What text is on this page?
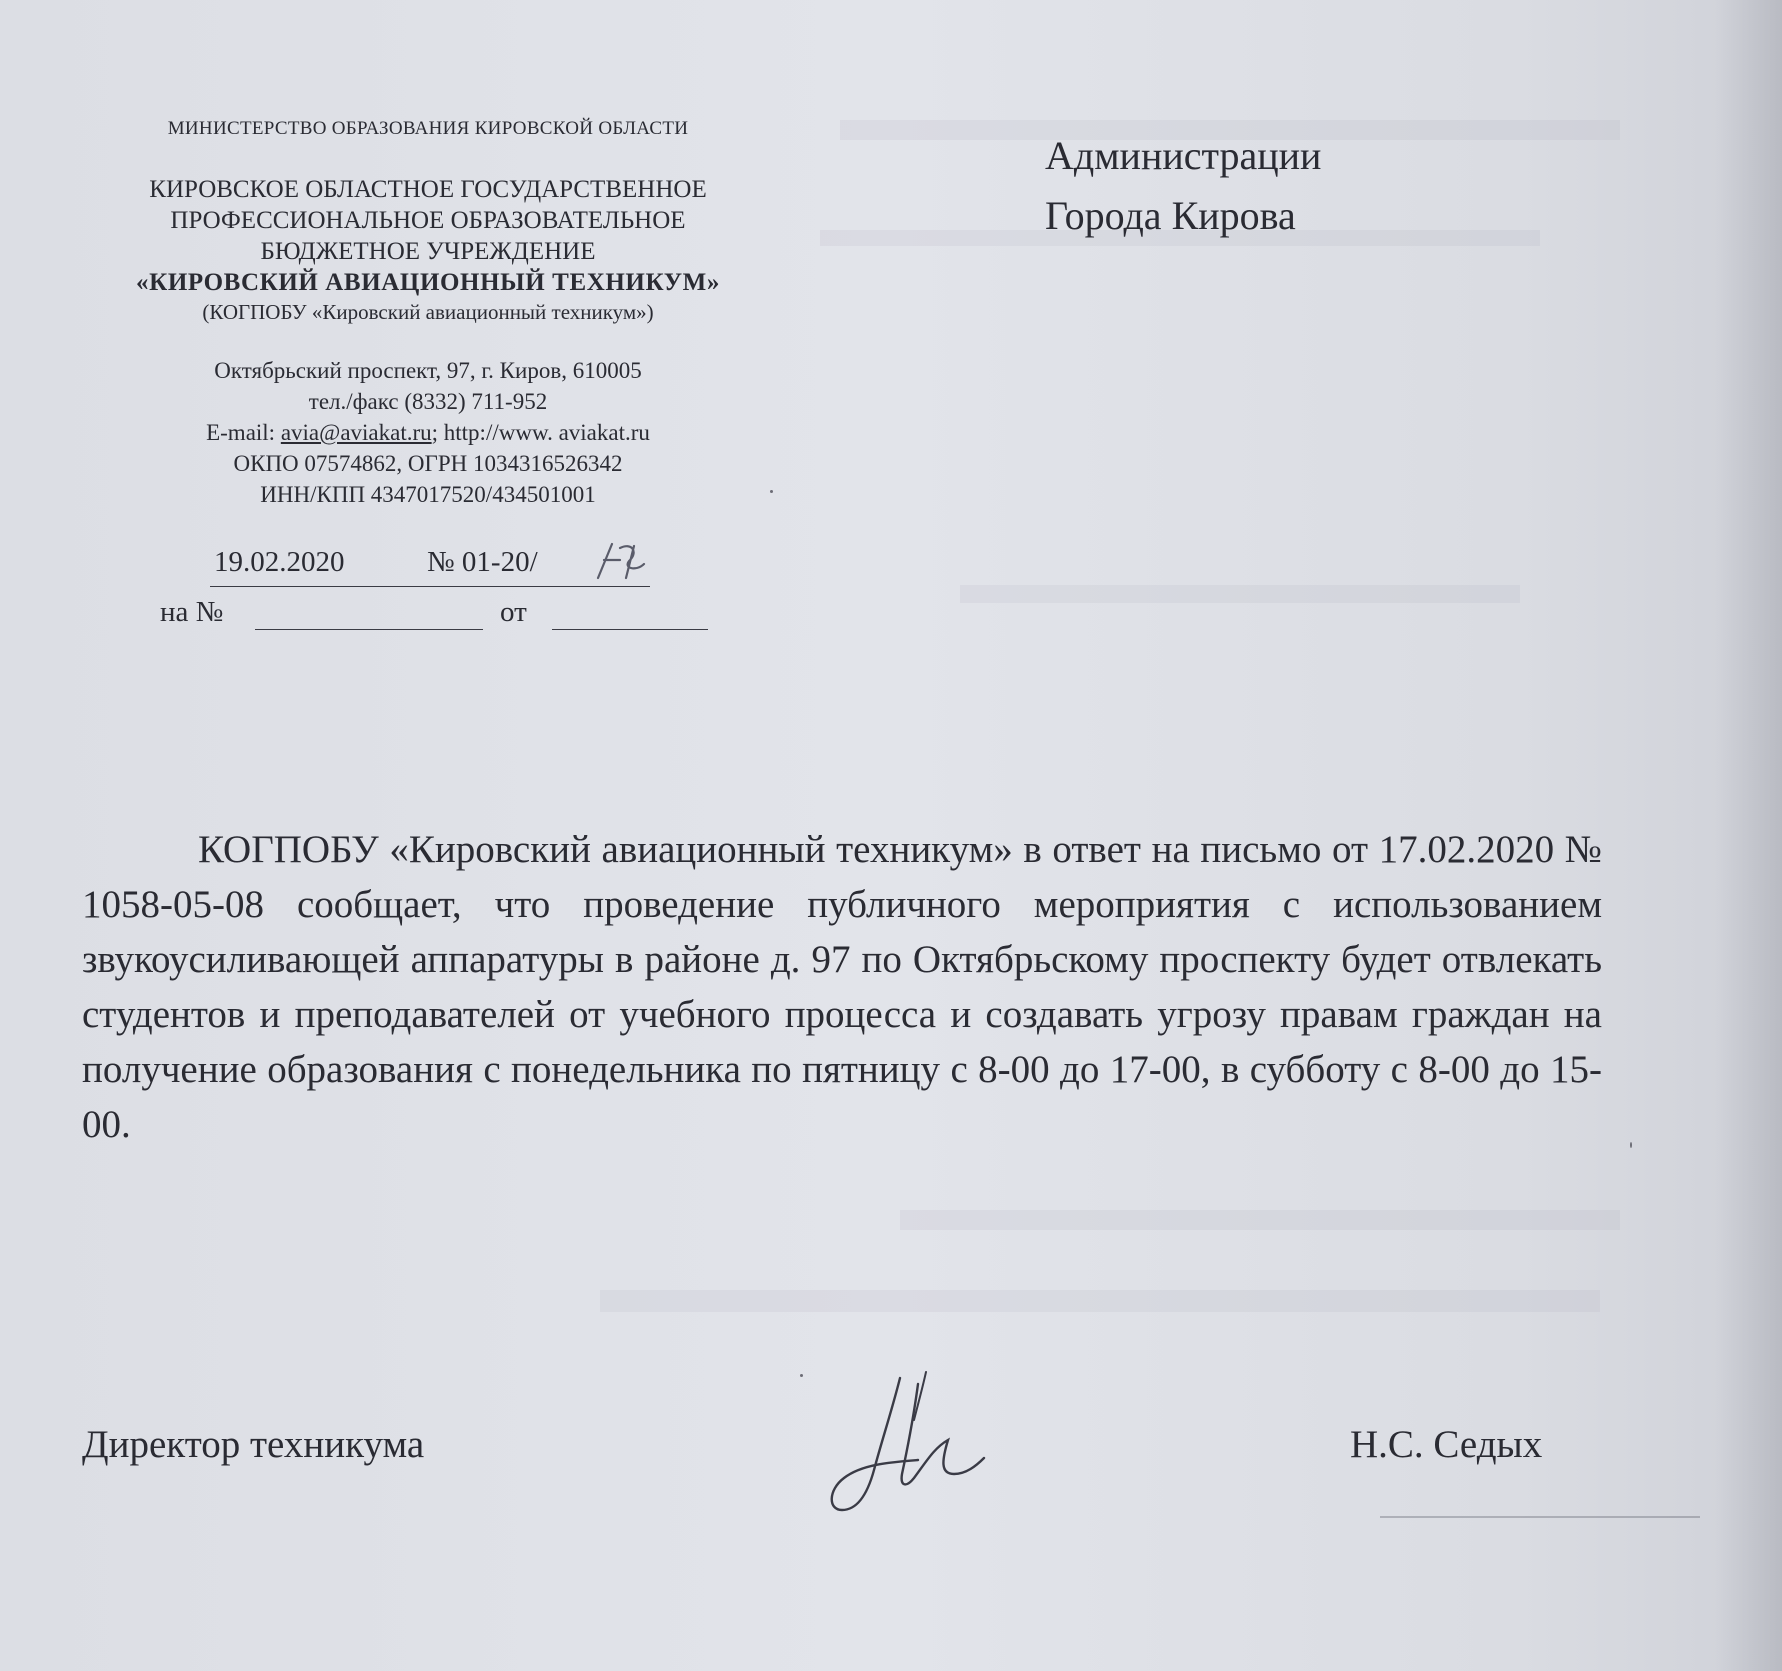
МИНИСТЕРСТВО ОБРАЗОВАНИЯ КИРОВСКОЙ ОБЛАСТИ
КИРОВСКОЕ ОБЛАСТНОЕ ГОСУДАРСТВЕННОЕ
ПРОФЕССИОНАЛЬНОЕ ОБРАЗОВАТЕЛЬНОЕ
БЮДЖЕТНОЕ УЧРЕЖДЕНИЕ
«КИРОВСКИЙ АВИАЦИОННЫЙ ТЕХНИКУМ»
(КОГПОБУ «Кировский авиационный техникум»)
Октябрьский проспект, 97, г. Киров, 610005
тел./факс (8332) 711-952
E-mail: avia@aviakat.ru; http://www. aviakat.ru
ОКПО 07574862, ОГРН 1034316526342
ИНН/КПП 4347017520/434501001
19.02.2020	№ 01-20/
на №	от
Администрации
Города Кирова
КОГПОБУ «Кировский авиационный техникум» в ответ на письмо от 17.02.2020 № 1058-05-08 сообщает, что проведение публичного мероприятия с использованием звукоусиливающей аппаратуры в районе д. 97 по Октябрьскому проспекту будет отвлекать студентов и преподавателей от учебного процесса и создавать угрозу правам граждан на получение образования с понедельника по пятницу с 8-00 до 17-00, в субботу с 8-00 до 15-00.
Директор техникума	Н.С. Седых
